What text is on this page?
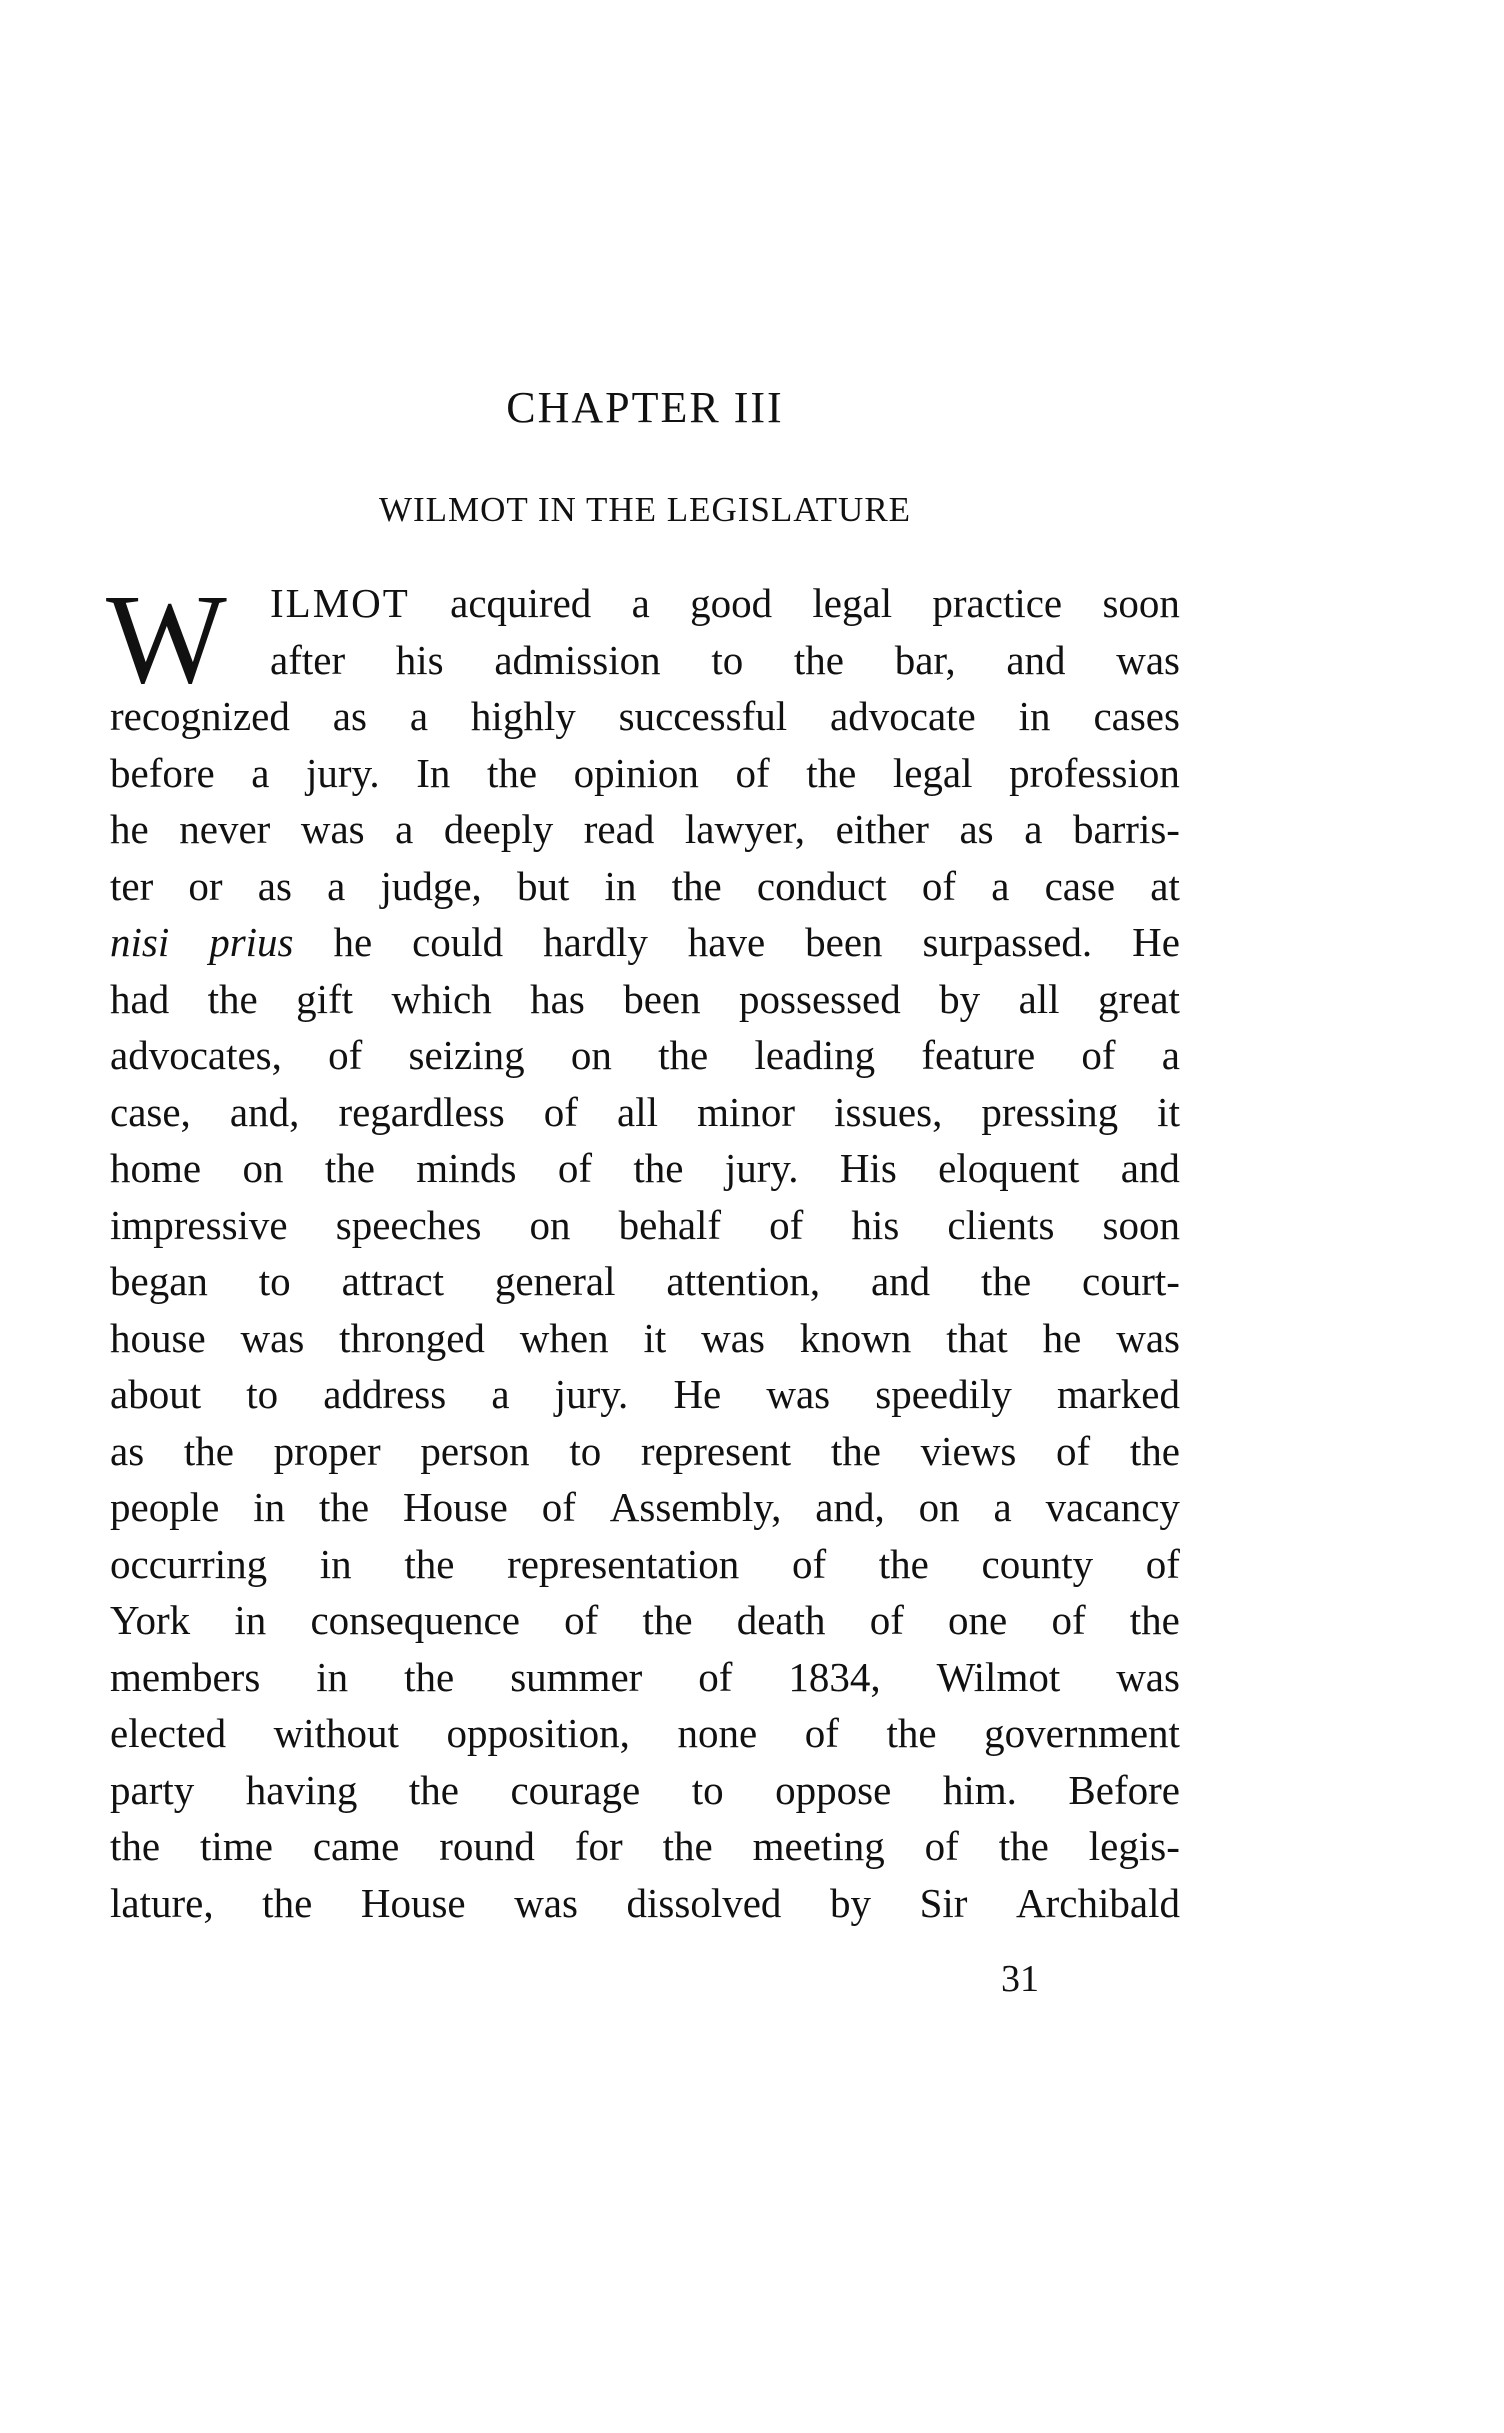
CHAPTER III
WILMOT IN THE LEGISLATURE
W ILMOT acquired a good legal practice soon
after his admission to the bar, and was
recognized as a highly successful advocate in cases
before a jury. In the opinion of the legal profession
he never was a deeply read lawyer, either as a barris-
ter or as a judge, but in the conduct of a case at
nisi prius he could hardly have been surpassed. He
had the gift which has been possessed by all great
advocates, of seizing on the leading feature of a
case, and, regardless of all minor issues, pressing it
home on the minds of the jury. His eloquent and
impressive speeches on behalf of his clients soon
began to attract general attention, and the court-
house was thronged when it was known that he was
about to address a jury. He was speedily marked
as the proper person to represent the views of the
people in the House of Assembly, and, on a vacancy
occurring in the representation of the county of
York in consequence of the death of one of the
members in the summer of 1834, Wilmot was
elected without opposition, none of the government
party having the courage to oppose him. Before
the time came round for the meeting of the legis-
lature, the House was dissolved by Sir Archibald
31
